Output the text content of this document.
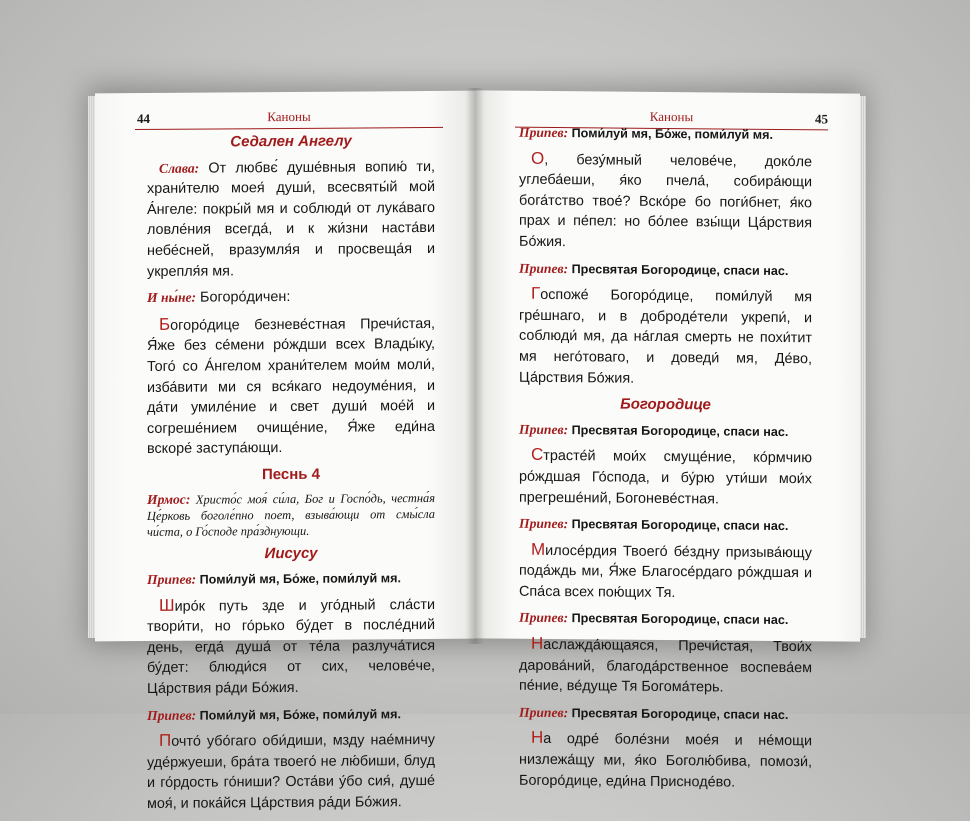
44	Каноны
Седален Ангелу

Слава: От любвє́ душе́вныя вопию́ ти, храни́телю моея́ души́, всесвяты́й мой А́нгеле: покры́й мя и соблюди́ от лука́ваго ловле́ния всегда́, и к жи́зни наста́ви небе́сней, вразумля́я и просвеща́я и укрепля́я мя.

И ны́не: Богоро́дичен:

Богоро́дице безневе́стная Пречи́стая, Я́же без се́мени ро́ждши всех Влады́ку, Того́ со А́нгелом храни́телем мои́м моли́, изба́вити ми ся вся́каго недоуме́ния, и да́ти умиле́ние и свет души́ мое́й и согреше́нием очище́ние, Я́же еди́на вскоре́ заступа́ющи.

Песнь 4

Ирмос: Христо́с моя́ си́ла, Бог и Госпо́дь, честна́я Це́рковь боголе́пно поет, взыва́ющи от смы́сла чи́ста, о Го́споде пра́зднующи.

Иисусу

Припев: Поми́луй мя, Бо́же, поми́луй мя.

Широ́к путь зде и уго́дный сла́сти твори́ти, но го́рько бу́дет в после́дний день, егда́ душа́ от те́ла разлуча́тися бу́дет: блюди́ся от сих, челове́че, Ца́рствия ра́ди Бо́жия.

Припев: Поми́луй мя, Бо́же, поми́луй мя.

Почто́ убо́гаго оби́диши, мзду нае́мничу уде́ржуеши, бра́та твоего́ не лю́биши, блуд и го́рдость го́ниши? Оста́ви у́бо сия́, душе́ моя́, и пока́йся Ца́рствия ра́ди Бо́жия.

Каноны	45

Припев: Поми́луй мя, Бо́же, поми́луй мя.

О, безу́мный челове́че, доко́ле углеба́еши, я́ко пчела́, собира́ющи бога́тство твое́? Вско́ре бо поги́бнет, я́ко прах и пе́пел: но бо́лее взы́щи Ца́рствия Бо́жия.

Припев: Пресвятая Богородице, спаси нас.

Госпоже́ Богоро́дице, поми́луй мя гре́шнаго, и в доброде́тели укрепи́, и соблюди́ мя, да на́глая смерть не похи́тит мя него́товаго, и доведи́ мя, Де́во, Ца́рствия Бо́жия.

Богородице

Припев: Пресвятая Богородице, спаси нас.

Страсте́й мои́х смуще́ние, ко́рмчию ро́ждшая Го́спода, и бу́рю ути́ши мои́х прегреше́ний, Богоневе́стная.

Припев: Пресвятая Богородице, спаси нас.

Милосе́рдия Твоего́ бе́здну призыва́ющу пода́ждь ми, Я́же Благосе́рдаго ро́ждшая и Спа́са всех пою́щих Тя.

Припев: Пресвятая Богородице, спаси нас.

Наслажда́ющаяся, Пречи́стая, Твои́х дарова́ний, благода́рственное воспева́ем пе́ние, ве́дуще Тя Богома́терь.

Припев: Пресвятая Богородице, спаси нас.

На одре́ боле́зни мое́я и не́мощи низлежа́щу ми, я́ко Боголю́бива, помози́, Богоро́дице, еди́на Присноде́во.
